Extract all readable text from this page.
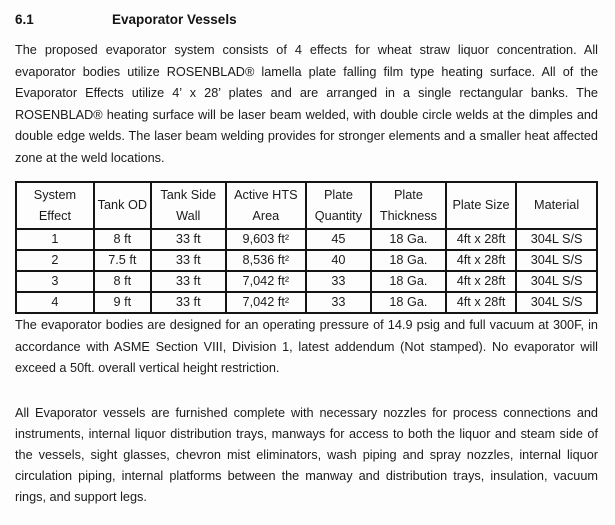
6.1	Evaporator Vessels

The proposed evaporator system consists of 4 effects for wheat straw liquor concentration. All evaporator bodies utilize ROSENBLAD® lamella plate falling film type heating surface. All of the Evaporator Effects utilize 4’ x 28’ plates and are arranged in a single rectangular banks. The ROSENBLAD® heating surface will be laser beam welded, with double circle welds at the dimples and double edge welds. The laser beam welding provides for stronger elements and a smaller heat affected zone at the weld locations.

System Effect	Tank OD	Tank Side Wall	Active HTS Area	Plate Quantity	Plate Thickness	Plate Size	Material
1	8 ft	33 ft	9,603 ft²	45	18 Ga.	4ft x 28ft	304L S/S
2	7.5 ft	33 ft	8,536 ft²	40	18 Ga.	4ft x 28ft	304L S/S
3	8 ft	33 ft	7,042 ft²	33	18 Ga.	4ft x 28ft	304L S/S
4	9 ft	33 ft	7,042 ft²	33	18 Ga.	4ft x 28ft	304L S/S

The evaporator bodies are designed for an operating pressure of 14.9 psig and full vacuum at 300F, in accordance with ASME Section VIII, Division 1, latest addendum (Not stamped). No evaporator will exceed a 50ft. overall vertical height restriction.

All Evaporator vessels are furnished complete with necessary nozzles for process connections and instruments, internal liquor distribution trays, manways for access to both the liquor and steam side of the vessels, sight glasses, chevron mist eliminators, wash piping and spray nozzles, internal liquor circulation piping, internal platforms between the manway and distribution trays, insulation, vacuum rings, and support legs.
